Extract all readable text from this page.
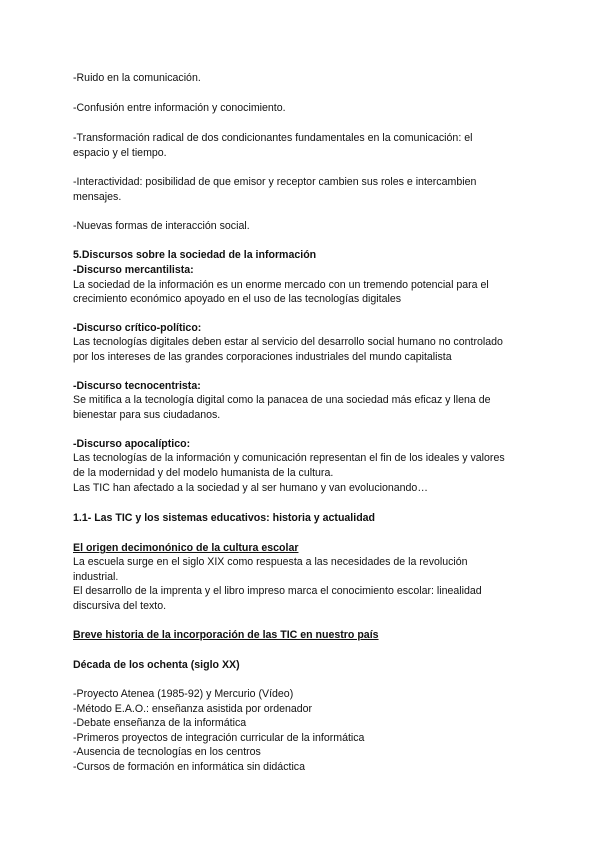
-Ruido en la comunicación.
-Confusión entre información y conocimiento.
-Transformación radical de dos condicionantes fundamentales en la comunicación: el
espacio y el tiempo.
-Interactividad: posibilidad de que emisor y receptor cambien sus roles e intercambien
mensajes.
-Nuevas formas de interacción social.
5.Discursos sobre la sociedad de la información
-Discurso mercantilista:
La sociedad de la información es un enorme mercado con un tremendo potencial para el
crecimiento económico apoyado en el uso de las tecnologías digitales
-Discurso crítico-político:
Las tecnologías digitales deben estar al servicio del desarrollo social humano no controlado
por los intereses de las grandes corporaciones industriales del mundo capitalista
-Discurso tecnocentrista:
Se mitifica a la tecnología digital como la panacea de una sociedad más eficaz y llena de
bienestar para sus ciudadanos.
-Discurso apocalíptico:
Las tecnologías de la información y comunicación representan el fin de los ideales y valores
de la modernidad y del modelo humanista de la cultura.
Las TIC han afectado a la sociedad y al ser humano y van evolucionando…
1.1- Las TIC y los sistemas educativos: historia y actualidad
El origen decimonónico de la cultura escolar
La escuela surge en el siglo XIX como respuesta a las necesidades de la revolución
industrial.
El desarrollo de la imprenta y el libro impreso marca el conocimiento escolar: linealidad
discursiva del texto.
Breve historia de la incorporación de las TIC en nuestro país
Década de los ochenta (siglo XX)
-Proyecto Atenea (1985-92) y Mercurio (Vídeo)
-Método E.A.O.: enseñanza asistida por ordenador
-Debate enseñanza de la informática
-Primeros proyectos de integración curricular de la informática
-Ausencia de tecnologías en los centros
-Cursos de formación en informática sin didáctica
